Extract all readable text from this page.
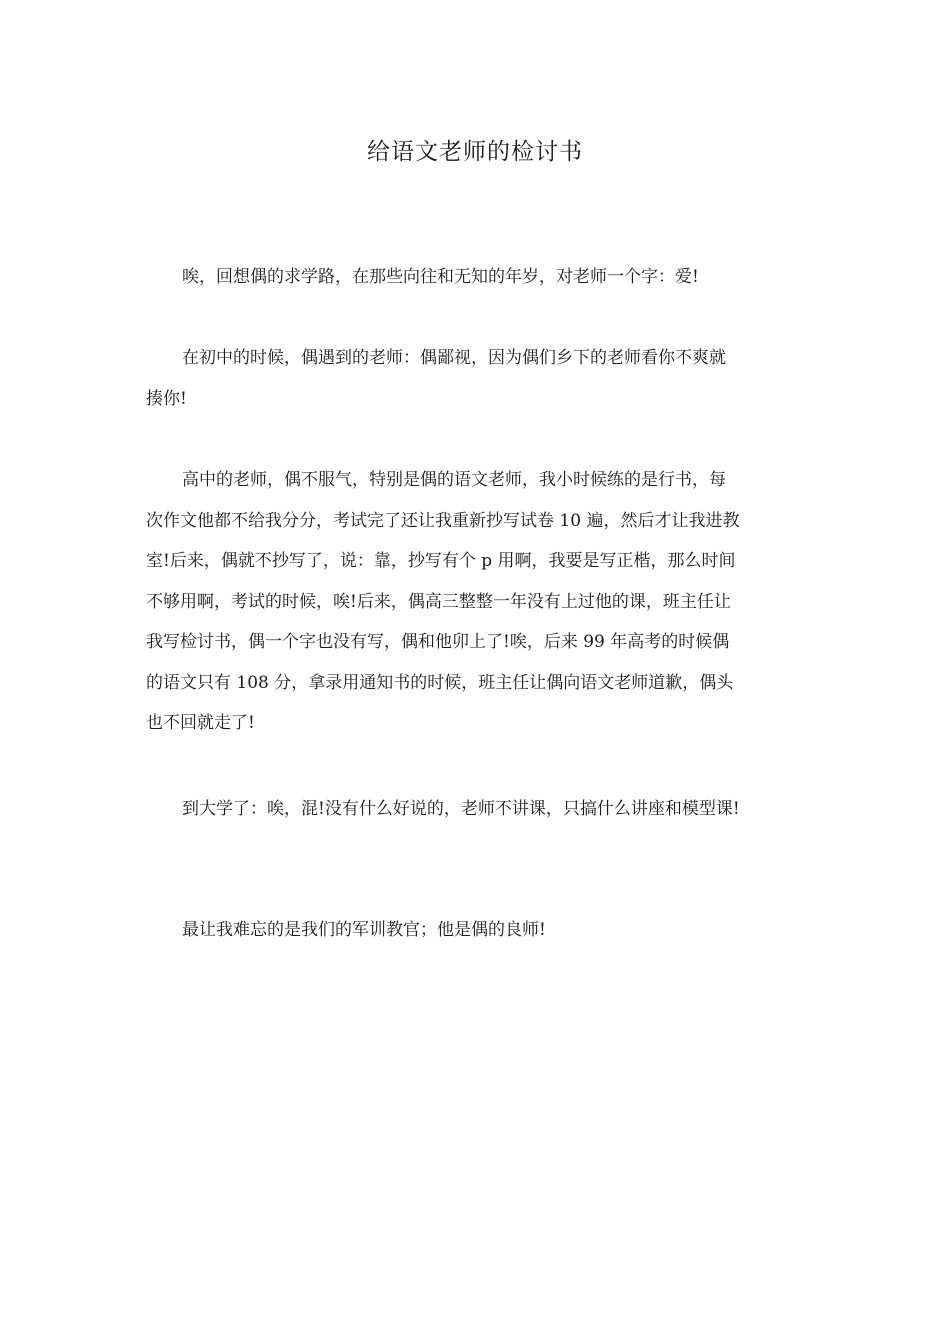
给语文老师的检讨书

唉，回想偶的求学路，在那些向往和无知的年岁，对老师一个字：爱!

在初中的时候，偶遇到的老师：偶鄙视，因为偶们乡下的老师看你不爽就
揍你!

高中的老师，偶不服气，特别是偶的语文老师，我小时候练的是行书，每
次作文他都不给我分分，考试完了还让我重新抄写试卷 10 遍，然后才让我进教
室!后来，偶就不抄写了，说：靠，抄写有个 p 用啊，我要是写正楷，那么时间
不够用啊，考试的时候，唉!后来，偶高三整整一年没有上过他的课，班主任让
我写检讨书，偶一个字也没有写，偶和他卯上了!唉，后来 99 年高考的时候偶
的语文只有 108 分，拿录用通知书的时候，班主任让偶向语文老师道歉，偶头
也不回就走了!

到大学了：唉，混!没有什么好说的，老师不讲课，只搞什么讲座和模型课!

最让我难忘的是我们的军训教官；他是偶的良师!
